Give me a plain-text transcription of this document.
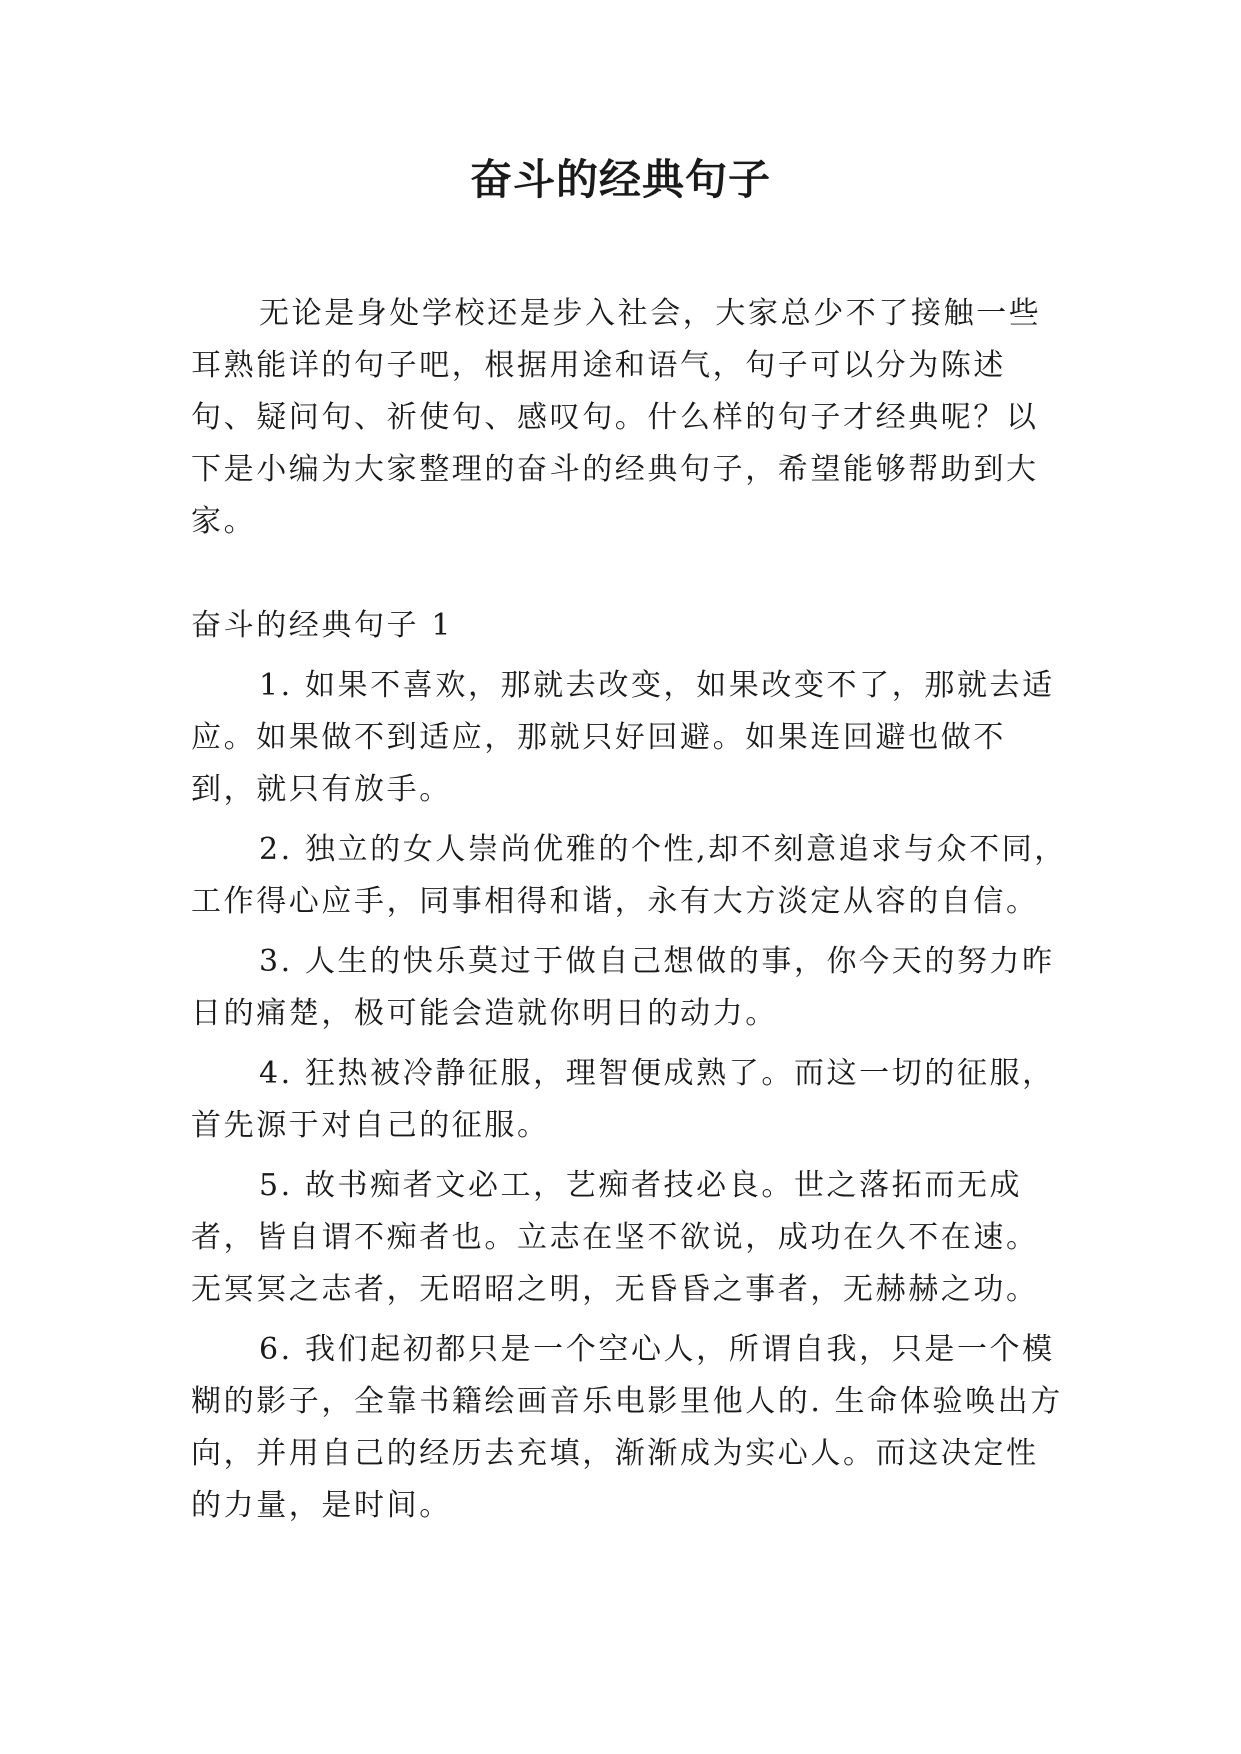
奋斗的经典句子

无论是身处学校还是步入社会，大家总少不了接触一些耳熟能详的句子吧，根据用途和语气，句子可以分为陈述句、疑问句、祈使句、感叹句。什么样的句子才经典呢？以下是小编为大家整理的奋斗的经典句子，希望能够帮助到大家。

奋斗的经典句子 1

1. 如果不喜欢，那就去改变，如果改变不了，那就去适应。如果做不到适应，那就只好回避。如果连回避也做不到，就只有放手。

2. 独立的女人崇尚优雅的个性,却不刻意追求与众不同，工作得心应手，同事相得和谐，永有大方淡定从容的自信。

3. 人生的快乐莫过于做自己想做的事，你今天的努力昨日的痛楚，极可能会造就你明日的动力。

4. 狂热被冷静征服，理智便成熟了。而这一切的征服，首先源于对自己的征服。

5. 故书痴者文必工，艺痴者技必良。世之落拓而无成者，皆自谓不痴者也。立志在坚不欲说，成功在久不在速。无冥冥之志者，无昭昭之明，无昏昏之事者，无赫赫之功。

6. 我们起初都只是一个空心人，所谓自我，只是一个模糊的影子，全靠书籍绘画音乐电影里他人的. 生命体验唤出方向，并用自己的经历去充填，渐渐成为实心人。而这决定性的力量，是时间。
